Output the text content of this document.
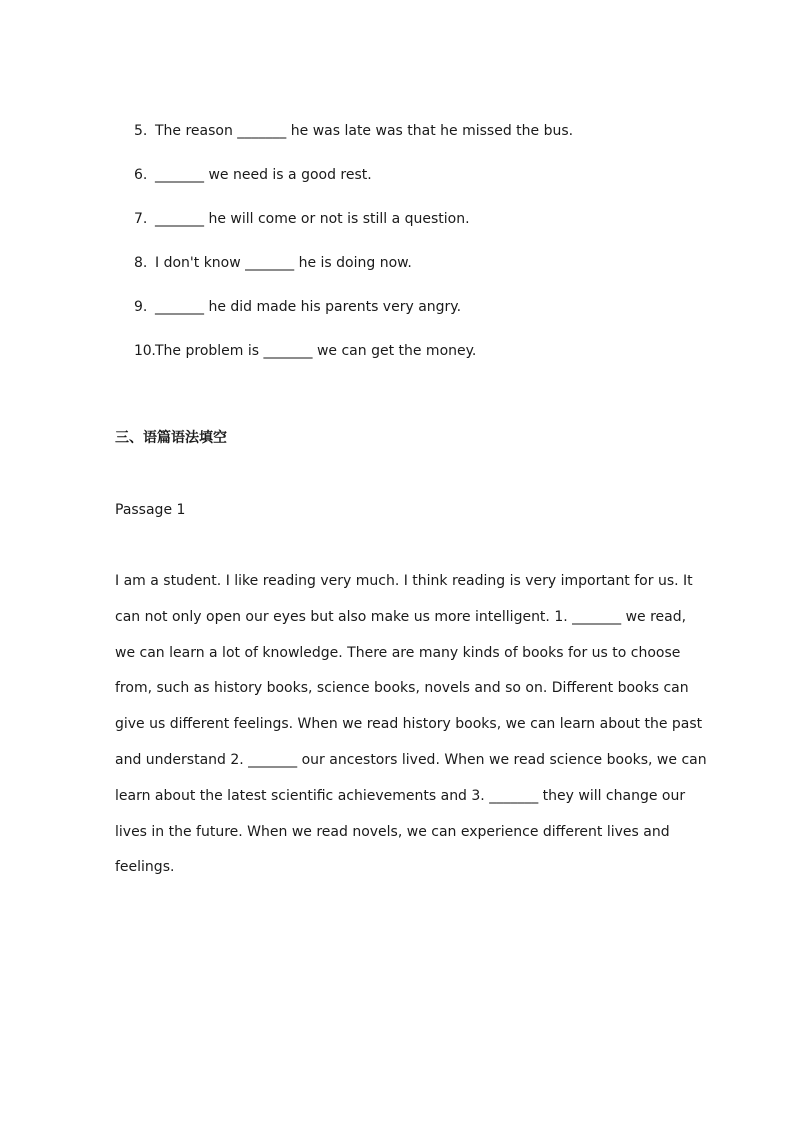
5. The reason _______ he was late was that he missed the bus.
6. _______ we need is a good rest.
7. _______ he will come or not is still a question.
8. I don't know _______ he is doing now.
9. _______ he did made his parents very angry.
10. The problem is _______ we can get the money.
三、语篇语法填空
Passage 1
I am a student. I like reading very much. I think reading is very important for us. It
can not only open our eyes but also make us more intelligent. 1. _______ we read,
we can learn a lot of knowledge. There are many kinds of books for us to choose
from, such as history books, science books, novels and so on. Different books can
give us different feelings. When we read history books, we can learn about the past
and understand 2. _______ our ancestors lived. When we read science books, we can
learn about the latest scientific achievements and 3. _______ they will change our
lives in the future. When we read novels, we can experience different lives and
feelings.
